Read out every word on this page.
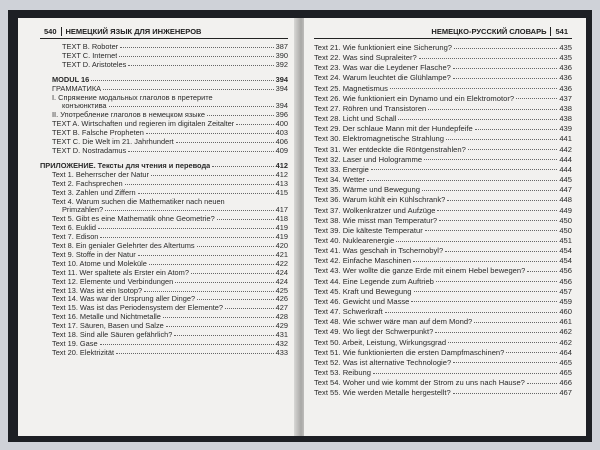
540	НЕМЕЦКИЙ ЯЗЫК ДЛЯ ИНЖЕНЕРОВ
TEXT B. Roboter	387
TEXT C. Internet	390
TEXT D. Aristoteles	392
MODUL 16	394
ГРАММАТИКА	394
I. Спряжение модальных глаголов в претерите
конъюнктива	394
II. Употребление глаголов в немецком языке	396
TEXT A. Wirtschaften und regieren im digitalen Zeitalter	400
TEXT B. Falsche Propheten	403
TEXT C. Die Welt im 21. Jahrhundert	406
TEXT D. Nostradamus	409
ПРИЛОЖЕНИЕ. Тексты для чтения и перевода	412
Text 1. Beherrscher der Natur	412
Text 2. Fachsprechen	413
Text 3. Zahlen und Ziffern	415
Text 4. Warum suchen die Mathematiker nach neuen
Primzahlen?	417
Text 5. Gibt es eine Mathematik ohne Geometrie?	418
Text 6. Euklid	419
Text 7. Edison	419
Text 8. Ein genialer Gelehrter des Altertums	420
Text 9. Stoffe in der Natur	421
Text 10. Atome und Moleküle	422
Text 11. Wer spaltete als Erster ein Atom?	424
Text 12. Elemente und Verbindungen	424
Text 13. Was ist ein Isotop?	425
Text 14. Was war der Ursprung aller Dinge?	426
Text 15. Was ist das Periodensystem der Elemente?	427
Text 16. Metalle und Nichtmetalle	428
Text 17. Säuren, Basen und Salze	429
Text 18. Sind alle Säuren gefährlich?	431
Text 19. Gase	432
Text 20. Elektrizität	433
НЕМЕЦКО-РУССКИЙ СЛОВАРЬ	541
Text 21. Wie funktioniert eine Sicherung?	435
Text 22. Was sind Supraleiter?	435
Text 23. Was war die Leydener Flasche?	436
Text 24. Warum leuchtet die Glühlampe?	436
Text 25. Magnetismus	436
Text 26. Wie funktioniert ein Dynamo und ein Elektromotor?	437
Text 27. Röhren und Transistoren	438
Text 28. Licht und Schall	438
Text 29. Der schlaue Mann mit der Hundepfeife	439
Text 30. Elektromagnetische Strahlung	441
Text 31. Wer entdeckte die Röntgenstrahlen?	442
Text 32. Laser und Hologramme	444
Text 33. Energie	444
Text 34. Wetter	445
Text 35. Wärme und Bewegung	447
Text 36. Warum kühlt ein Kühlschrank?	448
Text 37. Wolkenkratzer und Aufzüge	449
Text 38. Wie misst man Temperatur?	450
Text 39. Die kälteste Temperatur	450
Text 40. Nuklearenergie	451
Text 41. Was geschah in Tschernobyl?	454
Text 42. Einfache Maschinen	454
Text 43. Wer wollte die ganze Erde mit einem Hebel bewegen?	456
Text 44. Eine Legende zum Auftrieb	456
Text 45. Kraft und Bewegung	457
Text 46. Gewicht und Masse	459
Text 47. Schwerkraft	460
Text 48. Wie schwer wäre man auf dem Mond?	461
Text 49. Wo liegt der Schwerpunkt?	462
Text 50. Arbeit, Leistung, Wirkungsgrad	462
Text 51. Wie funktionierten die ersten Dampfmaschinen?	464
Text 52. Was ist alternative Technologie?	465
Text 53. Reibung	465
Text 54. Woher und wie kommt der Strom zu uns nach Hause?	466
Text 55. Wie werden Metalle hergestellt?	467
